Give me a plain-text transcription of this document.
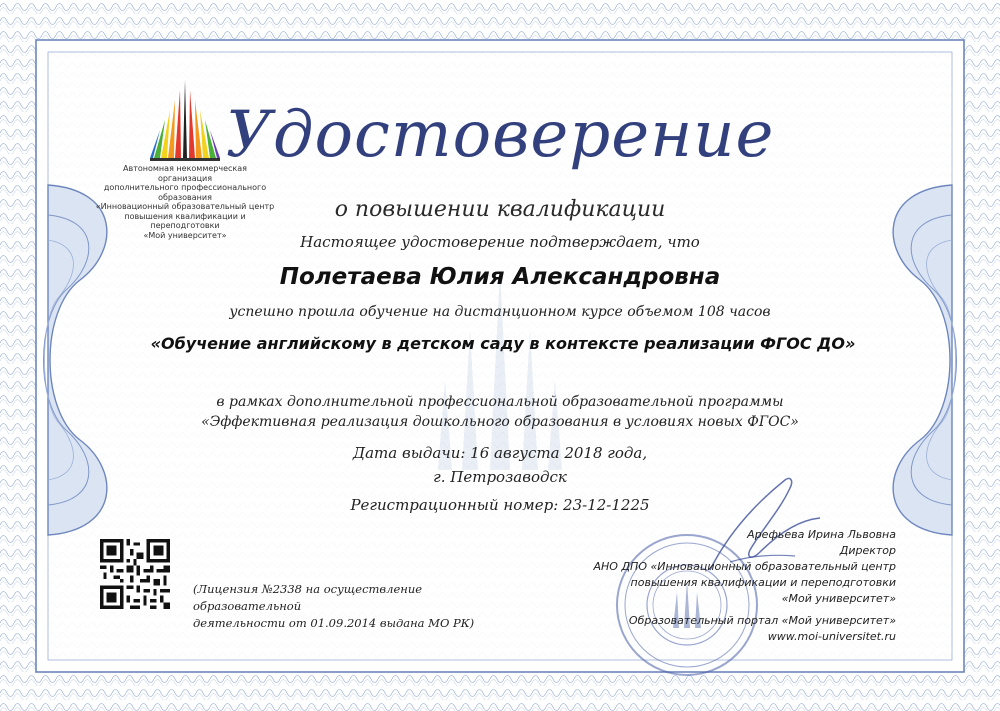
Автономная некоммерческая организация
дополнительного профессионального образования
«Инновационный образовательный центр
повышения квалификации и переподготовки
«Мой университет»
Удостоверение
о повышении квалификации
Настоящее удостоверение подтверждает, что
Полетаева Юлия Александровна
успешно прошла обучение на дистанционном курсе объемом 108 часов
«Обучение английскому в детском саду в контексте реализации ФГОС ДО»
в рамках дополнительной профессиональной образовательной программы
«Эффективная реализация дошкольного образования в условиях новых ФГОС»
Дата выдачи: 16 августа 2018 года,
г. Петрозаводск
Регистрационный номер: 23-12-1225
(Лицензия №2338 на осуществление образовательной
деятельности от 01.09.2014 выдана МО РК)
Арефьева Ирина Львовна
Директор
АНО ДПО «Инновационный образовательный центр
повышения квалификации и переподготовки
«Мой университет»
Образовательный портал «Мой университет»
www.moi-universitet.ru
